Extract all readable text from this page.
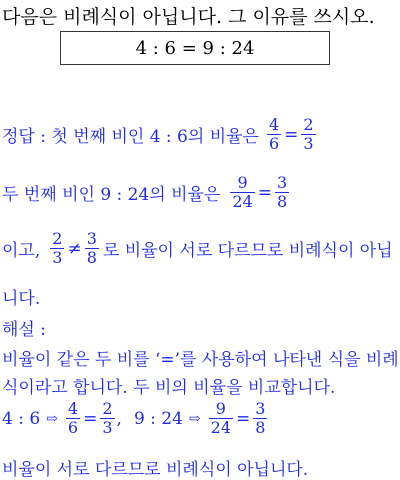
다음은 비례식이 아닙니다. 그 이유를 쓰시오.
4 : 6 = 9 : 24
정답 : 첫 번째 비인 4 : 6의 비율은 $\frac{4}{6} = \frac{2}{3}$
두 번째 비인 9 : 24의 비율은 $\frac{9}{24} = \frac{3}{8}$
이고, $\frac{2}{3} \ne \frac{3}{8}$ 로 비율이 서로 다르므로 비례식이 아닙
니다.
해설 :
비율이 같은 두 비를 ‘=’를 사용하여 나타낸 식을 비례
식이라고 합니다. 두 비의 비율을 비교합니다.
4 : 6 ⇨ $\frac{4}{6} = \frac{2}{3}$ , 9 : 24 ⇨ $\frac{9}{24} = \frac{3}{8}$
비율이 서로 다르므로 비례식이 아닙니다.
